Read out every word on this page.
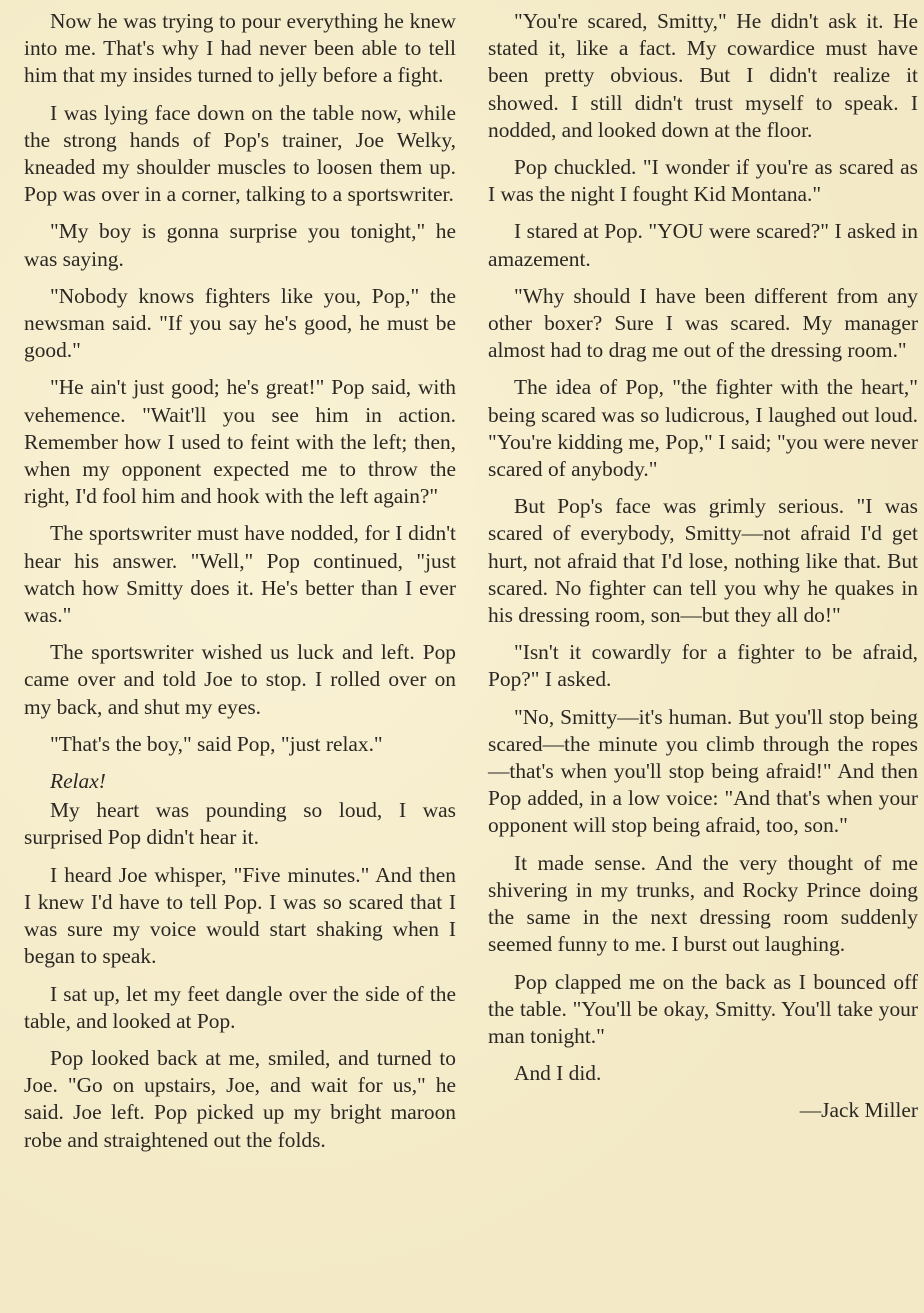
Now he was trying to pour everything he knew into me. That's why I had never been able to tell him that my insides turned to jelly before a fight.

I was lying face down on the table now, while the strong hands of Pop's trainer, Joe Welky, kneaded my shoulder muscles to loosen them up. Pop was over in a corner, talking to a sportswriter.

"My boy is gonna surprise you tonight," he was saying.

"Nobody knows fighters like you, Pop," the newsman said. "If you say he's good, he must be good."

"He ain't just good; he's great!" Pop said, with vehemence. "Wait'll you see him in action. Remember how I used to feint with the left; then, when my opponent expected me to throw the right, I'd fool him and hook with the left again?"

The sportswriter must have nodded, for I didn't hear his answer. "Well," Pop continued, "just watch how Smitty does it. He's better than I ever was."

The sportswriter wished us luck and left. Pop came over and told Joe to stop. I rolled over on my back, and shut my eyes.

"That's the boy," said Pop, "just relax."

Relax!

My heart was pounding so loud, I was surprised Pop didn't hear it.

I heard Joe whisper, "Five minutes." And then I knew I'd have to tell Pop. I was so scared that I was sure my voice would start shaking when I began to speak.

I sat up, let my feet dangle over the side of the table, and looked at Pop.

Pop looked back at me, smiled, and turned to Joe. "Go on upstairs, Joe, and wait for us," he said. Joe left. Pop picked up my bright maroon robe and straightened out the folds.

"You're scared, Smitty," He didn't ask it. He stated it, like a fact. My cowardice must have been pretty obvious. But I didn't realize it showed. I still didn't trust myself to speak. I nodded, and looked down at the floor.

Pop chuckled. "I wonder if you're as scared as I was the night I fought Kid Montana."

I stared at Pop. "YOU were scared?" I asked in amazement.

"Why should I have been different from any other boxer? Sure I was scared. My manager almost had to drag me out of the dressing room."

The idea of Pop, "the fighter with the heart," being scared was so ludicrous, I laughed out loud. "You're kidding me, Pop," I said; "you were never scared of anybody."

But Pop's face was grimly serious. "I was scared of everybody, Smitty—not afraid I'd get hurt, not afraid that I'd lose, nothing like that. But scared. No fighter can tell you why he quakes in his dressing room, son—but they all do!"

"Isn't it cowardly for a fighter to be afraid, Pop?" I asked.

"No, Smitty—it's human. But you'll stop being scared—the minute you climb through the ropes—that's when you'll stop being afraid!" And then Pop added, in a low voice: "And that's when your opponent will stop being afraid, too, son."

It made sense. And the very thought of me shivering in my trunks, and Rocky Prince doing the same in the next dressing room suddenly seemed funny to me. I burst out laughing.

Pop clapped me on the back as I bounced off the table. "You'll be okay, Smitty. You'll take your man tonight."

And I did.

—Jack Miller
